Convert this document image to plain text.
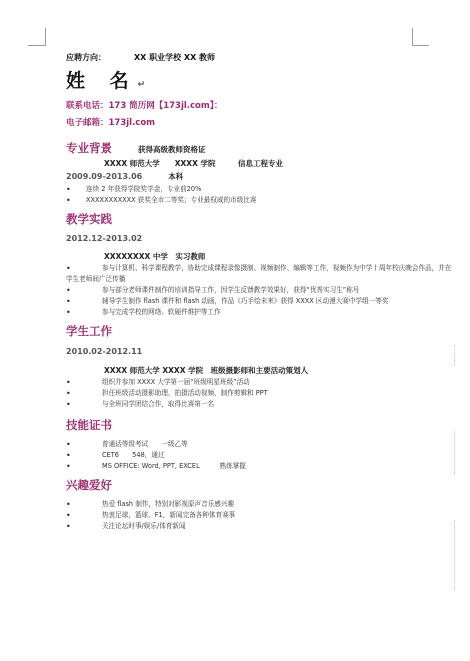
应聘方向：	XX 职业学校 XX 教师
姓 名↵
联系电话：173 简历网【173jl.com】：
电子邮箱：173jl.com
专业背景	获得高级教师资格证
XXXX 师范大学　　XXXX 学院　　　信息工程专业
2009.09-2013.06	本科
• 连续 2 年获得学院奖学金，专业前20%
• XXXXXXXXXXX 获奖全市二等奖；专业最权威的市级比赛
教学实践
2012.12-2013.02
XXXXXXXX 中学　实习教师
• 参与计算机、科学课程教学，协助完成课程录像摄制、视频制作、编辑等工作，视频作为中学十周年校庆晚会作品，并在学生老师间广泛传播
• 参与部分老师课件制作的培训指导工作，因学生反馈教学效果好，获得“优秀实习生”称号
• 辅导学生制作 flash 课件和 flash 动画，作品《巧手绘未来》获得 XXXX 区动漫大赛中学组一等奖
• 参与完成学校的网络、软硬件维护等工作
学生工作
2010.02-2012.11
XXXX 师范大学 XXXX 学院　班级摄影师和主要活动策划人
• 组织并参加 XXXX 大学第一届“班级明星班级”活动
• 担任班级活动摄影助理，拍摄活动视频，制作剪辑和 PPT
• 与全班同学团结合作，取得比赛第一名
技能证书
• 普通话等级考试　　一级乙等
• CET6　　548，通过
• MS OFFICE: Word, PPT, EXCEL　　　熟练掌握
兴趣爱好
• 热爱 flash 制作，特别对影视原声音乐感兴趣
• 热衷足球，篮球，F1，新闻完备各种体育赛事
• 关注论坛时事/娱乐/体育新闻
